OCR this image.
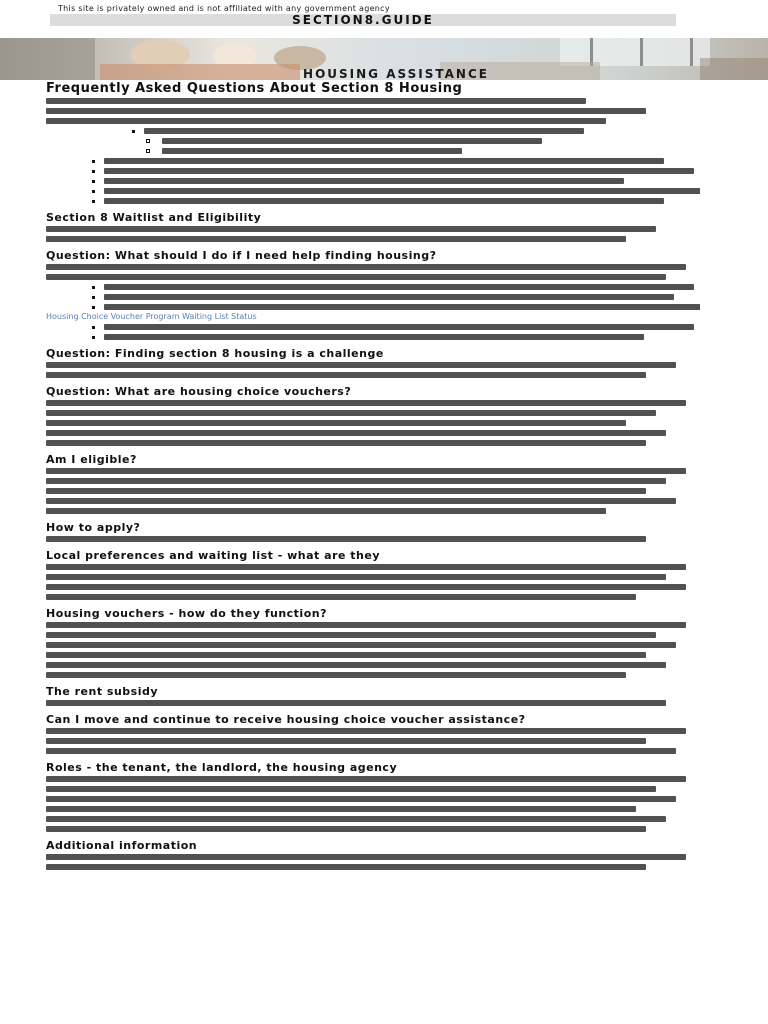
This site is privately owned and is not affiliated with any government agency
SECTION8.GUIDE
HOUSING ASSISTANCE
Frequently Asked Questions About Section 8 Housing
Section 8 Waitlist and Eligibility
Question: What should I do if I need help finding housing?
Housing Choice Voucher Program Waiting List Status
Question: Finding section 8 housing is a challenge
Question: What are housing choice vouchers?
Am I eligible?
How to apply?
Local preferences and waiting list - what are they
Housing vouchers - how do they function?
The rent subsidy
Can I move and continue to receive housing choice voucher assistance?
Roles - the tenant, the landlord, the housing agency
Additional information
